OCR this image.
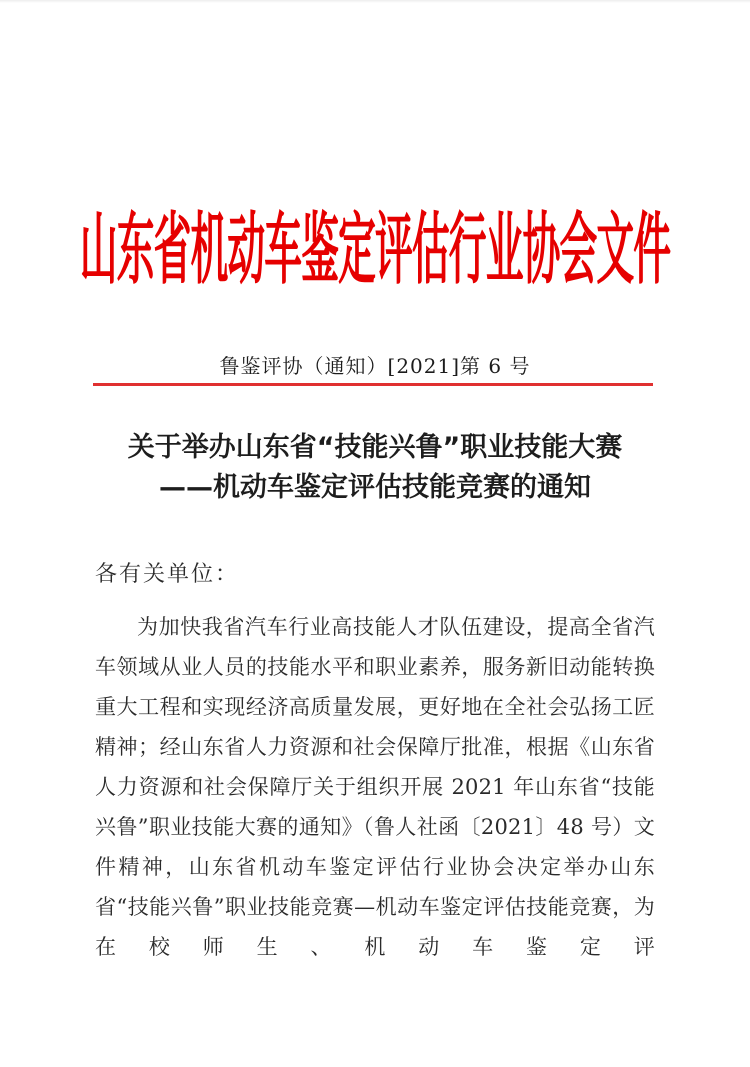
山东省机动车鉴定评估行业协会文件
鲁鉴评协（通知）[2021]第 6 号
关于举办山东省“技能兴鲁”职业技能大赛
——机动车鉴定评估技能竞赛的通知
各有关单位：
为加快我省汽车行业高技能人才队伍建设，提高全省汽车领域从业人员的技能水平和职业素养，服务新旧动能转换重大工程和实现经济高质量发展，更好地在全社会弘扬工匠精神；经山东省人力资源和社会保障厅批准，根据《山东省人力资源和社会保障厅关于组织开展 2021 年山东省“技能兴鲁”职业技能大赛的通知》（鲁人社函〔2021〕48 号）文件精神，山东省机动车鉴定评估行业协会决定举办山东省“技能兴鲁”职业技能竞赛—机动车鉴定评估技能竞赛，为在校师生、机动车鉴定评
